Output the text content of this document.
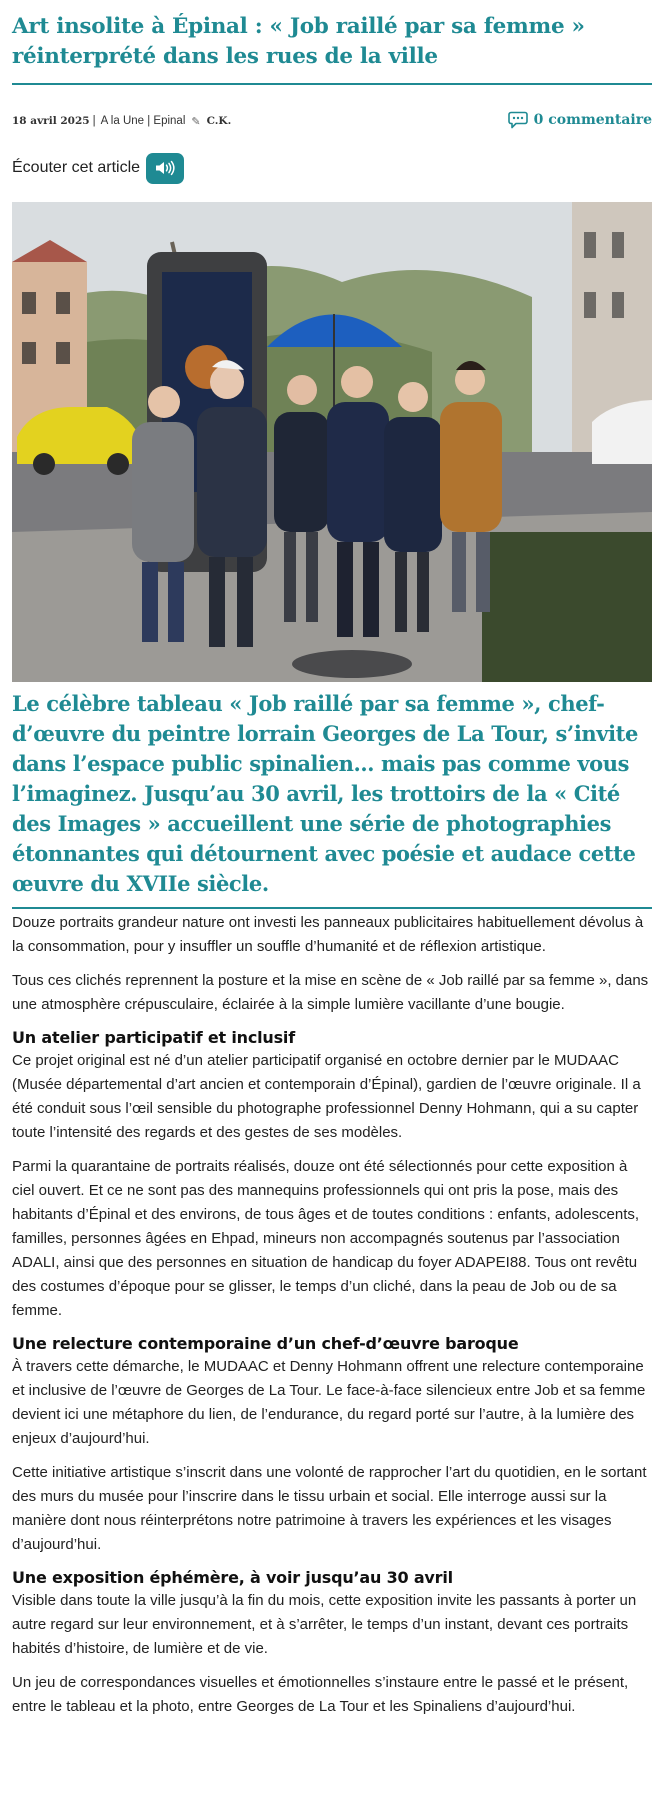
Art insolite à Épinal : « Job raillé par sa femme » réinterprété dans les rues de la ville
18 avril 2025 | A la Une | Epinal ✎ C.K.	0 commentaire
Écouter cet article

Le célèbre tableau « Job raillé par sa femme », chef-d’œuvre du peintre lorrain Georges de La Tour, s’invite dans l’espace public spinalien… mais pas comme vous l’imaginez. Jusqu’au 30 avril, les trottoirs de la « Cité des Images » accueillent une série de photographies étonnantes qui détournent avec poésie et audace cette œuvre du XVIIe siècle.

Douze portraits grandeur nature ont investi les panneaux publicitaires habituellement dévolus à la consommation, pour y insuffler un souffle d’humanité et de réflexion artistique.

Tous ces clichés reprennent la posture et la mise en scène de « Job raillé par sa femme », dans une atmosphère crépusculaire, éclairée à la simple lumière vacillante d’une bougie.

Un atelier participatif et inclusif

Ce projet original est né d’un atelier participatif organisé en octobre dernier par le MUDAAC (Musée départemental d’art ancien et contemporain d’Épinal), gardien de l’œuvre originale. Il a été conduit sous l’œil sensible du photographe professionnel Denny Hohmann, qui a su capter toute l’intensité des regards et des gestes de ses modèles.

Parmi la quarantaine de portraits réalisés, douze ont été sélectionnés pour cette exposition à ciel ouvert. Et ce ne sont pas des mannequins professionnels qui ont pris la pose, mais des habitants d’Épinal et des environs, de tous âges et de toutes conditions : enfants, adolescents, familles, personnes âgées en Ehpad, mineurs non accompagnés soutenus par l’association ADALI, ainsi que des personnes en situation de handicap du foyer ADAPEI88. Tous ont revêtu des costumes d’époque pour se glisser, le temps d’un cliché, dans la peau de Job ou de sa femme.

Une relecture contemporaine d’un chef-d’œuvre baroque

À travers cette démarche, le MUDAAC et Denny Hohmann offrent une relecture contemporaine et inclusive de l’œuvre de Georges de La Tour. Le face-à-face silencieux entre Job et sa femme devient ici une métaphore du lien, de l’endurance, du regard porté sur l’autre, à la lumière des enjeux d’aujourd’hui.

Cette initiative artistique s’inscrit dans une volonté de rapprocher l’art du quotidien, en le sortant des murs du musée pour l’inscrire dans le tissu urbain et social. Elle interroge aussi sur la manière dont nous réinterprétons notre patrimoine à travers les expériences et les visages d’aujourd’hui.

Une exposition éphémère, à voir jusqu’au 30 avril

Visible dans toute la ville jusqu’à la fin du mois, cette exposition invite les passants à porter un autre regard sur leur environnement, et à s’arrêter, le temps d’un instant, devant ces portraits habités d’histoire, de lumière et de vie.

Un jeu de correspondances visuelles et émotionnelles s’instaure entre le passé et le présent, entre le tableau et la photo, entre Georges de La Tour et les Spinaliens d’aujourd’hui.
